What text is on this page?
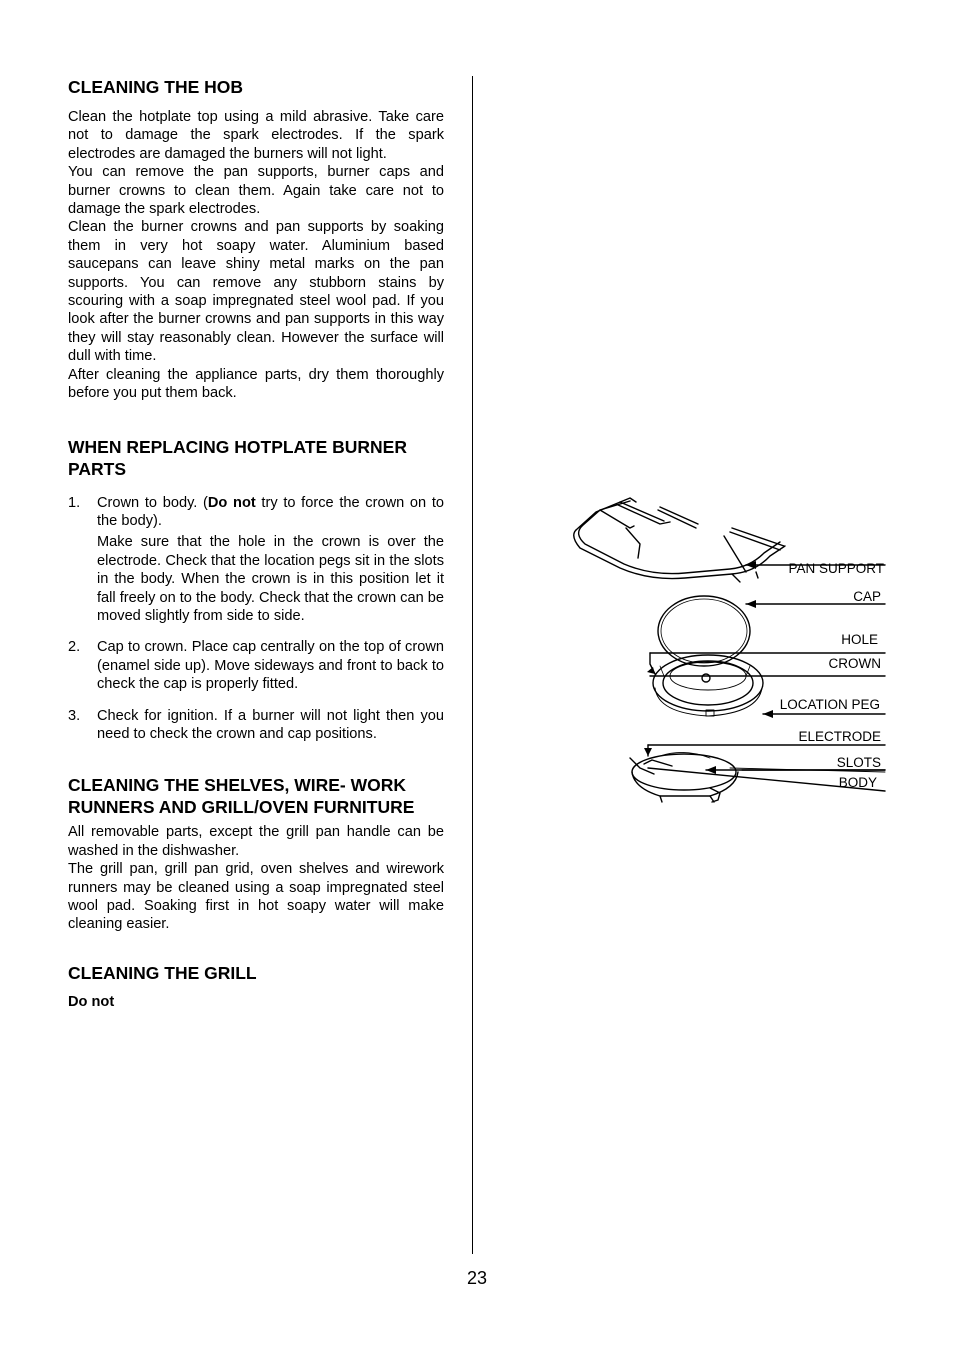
CLEANING THE HOB

Clean the hotplate top using a mild abrasive. Take care not to damage the spark electrodes. If the spark electrodes are damaged the burners will not light.

You can remove the pan supports, burner caps and burner crowns to clean them. Again take care not to damage the spark electrodes.

Clean the burner crowns and pan supports by soaking them in very hot soapy water. Aluminium based saucepans can leave shiny metal marks on the pan supports. You can remove any stubborn stains by scouring with a soap impregnated steel wool pad. If you look after the burner crowns and pan supports in this way they will stay reasonably clean. However the surface will dull with time.

After cleaning the appliance parts, dry them thoroughly before you put them back.

WHEN REPLACING HOTPLATE BURNER PARTS
1. Crown to body. (Do not try to force the crown on to the body).

Make sure that the hole in the crown is over the electrode. Check that the location pegs sit in the slots in the body. When the crown is in this position let it fall freely on to the body. Check that the crown can be moved slightly from side to side.

2. Cap to crown. Place cap centrally on the top of crown (enamel side up). Move sideways and front to back to check the cap is properly fitted.

3. Check for ignition. If a burner will not light then you need to check the crown and cap positions.

CLEANING THE SHELVES, WIRE- WORK
RUNNERS AND GRILL/OVEN FURNITURE

All removable parts, except the grill pan handle can be washed in the dishwasher.

The grill pan, grill pan grid, oven shelves and wirework runners may be cleaned using a soap impregnated steel wool pad. Soaking first in hot soapy water will make cleaning easier.

CLEANING THE GRILL
Do not
PAN SUPPORT
CAP
HOLE
CROWN
LOCATION PEG
ELECTRODE
SLOTS
BODY
23
